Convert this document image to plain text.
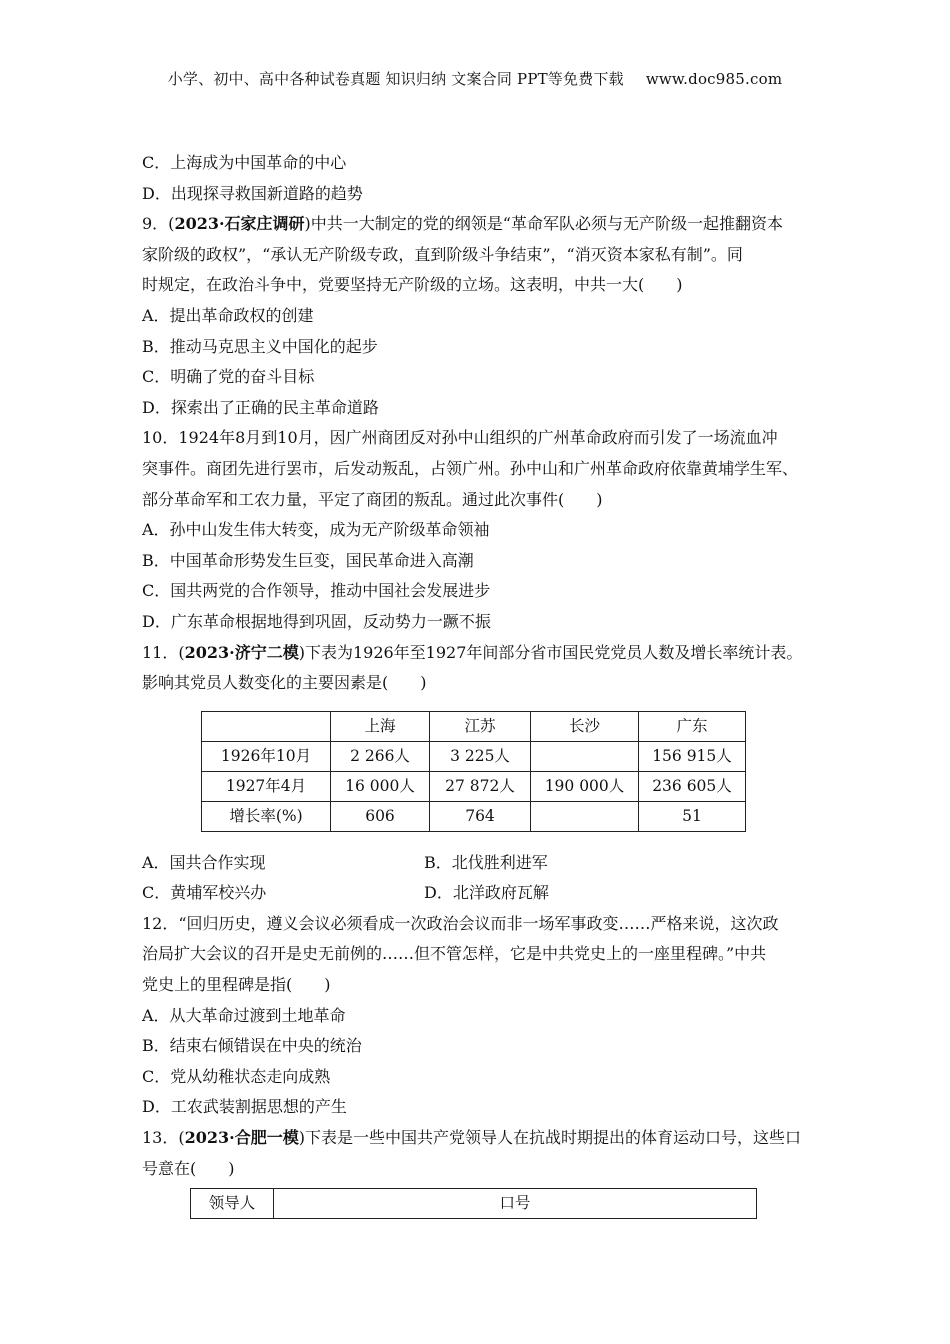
小学、初中、高中各种试卷真题 知识归纳 文案合同 PPT等免费下载 www.doc985.com
C．上海成为中国革命的中心
D．出现探寻救国新道路的趋势
9．(2023·石家庄调研)中共一大制定的党的纲领是“革命军队必须与无产阶级一起推翻资本
家阶级的政权”，“承认无产阶级专政，直到阶级斗争结束”，“消灭资本家私有制”。同
时规定，在政治斗争中，党要坚持无产阶级的立场。这表明，中共一大(　　)
A．提出革命政权的创建
B．推动马克思主义中国化的起步
C．明确了党的奋斗目标
D．探索出了正确的民主革命道路
10．1924年8月到10月，因广州商团反对孙中山组织的广州革命政府而引发了一场流血冲
突事件。商团先进行罢市，后发动叛乱，占领广州。孙中山和广州革命政府依靠黄埔学生军、
部分革命军和工农力量，平定了商团的叛乱。通过此次事件(　　)
A．孙中山发生伟大转变，成为无产阶级革命领袖
B．中国革命形势发生巨变，国民革命进入高潮
C．国共两党的合作领导，推动中国社会发展进步
D．广东革命根据地得到巩固，反动势力一蹶不振
11．(2023·济宁二模)下表为1926年至1927年间部分省市国民党党员人数及增长率统计表。
影响其党员人数变化的主要因素是(　　)
	上海	江苏	长沙	广东
1926年10月	2 266人	3 225人		156 915人
1927年4月	16 000人	27 872人	190 000人	236 605人
增长率(%)	606	764		51
A．国共合作实现	B．北伐胜利进军
C．黄埔军校兴办	D．北洋政府瓦解
12．“回归历史，遵义会议必须看成一次政治会议而非一场军事政变……严格来说，这次政
治局扩大会议的召开是史无前例的……但不管怎样，它是中共党史上的一座里程碑。”中共
党史上的里程碑是指(　　)
A．从大革命过渡到土地革命
B．结束右倾错误在中央的统治
C．党从幼稚状态走向成熟
D．工农武装割据思想的产生
13．(2023·合肥一模)下表是一些中国共产党领导人在抗战时期提出的体育运动口号，这些口
号意在(　　)
领导人	口号
